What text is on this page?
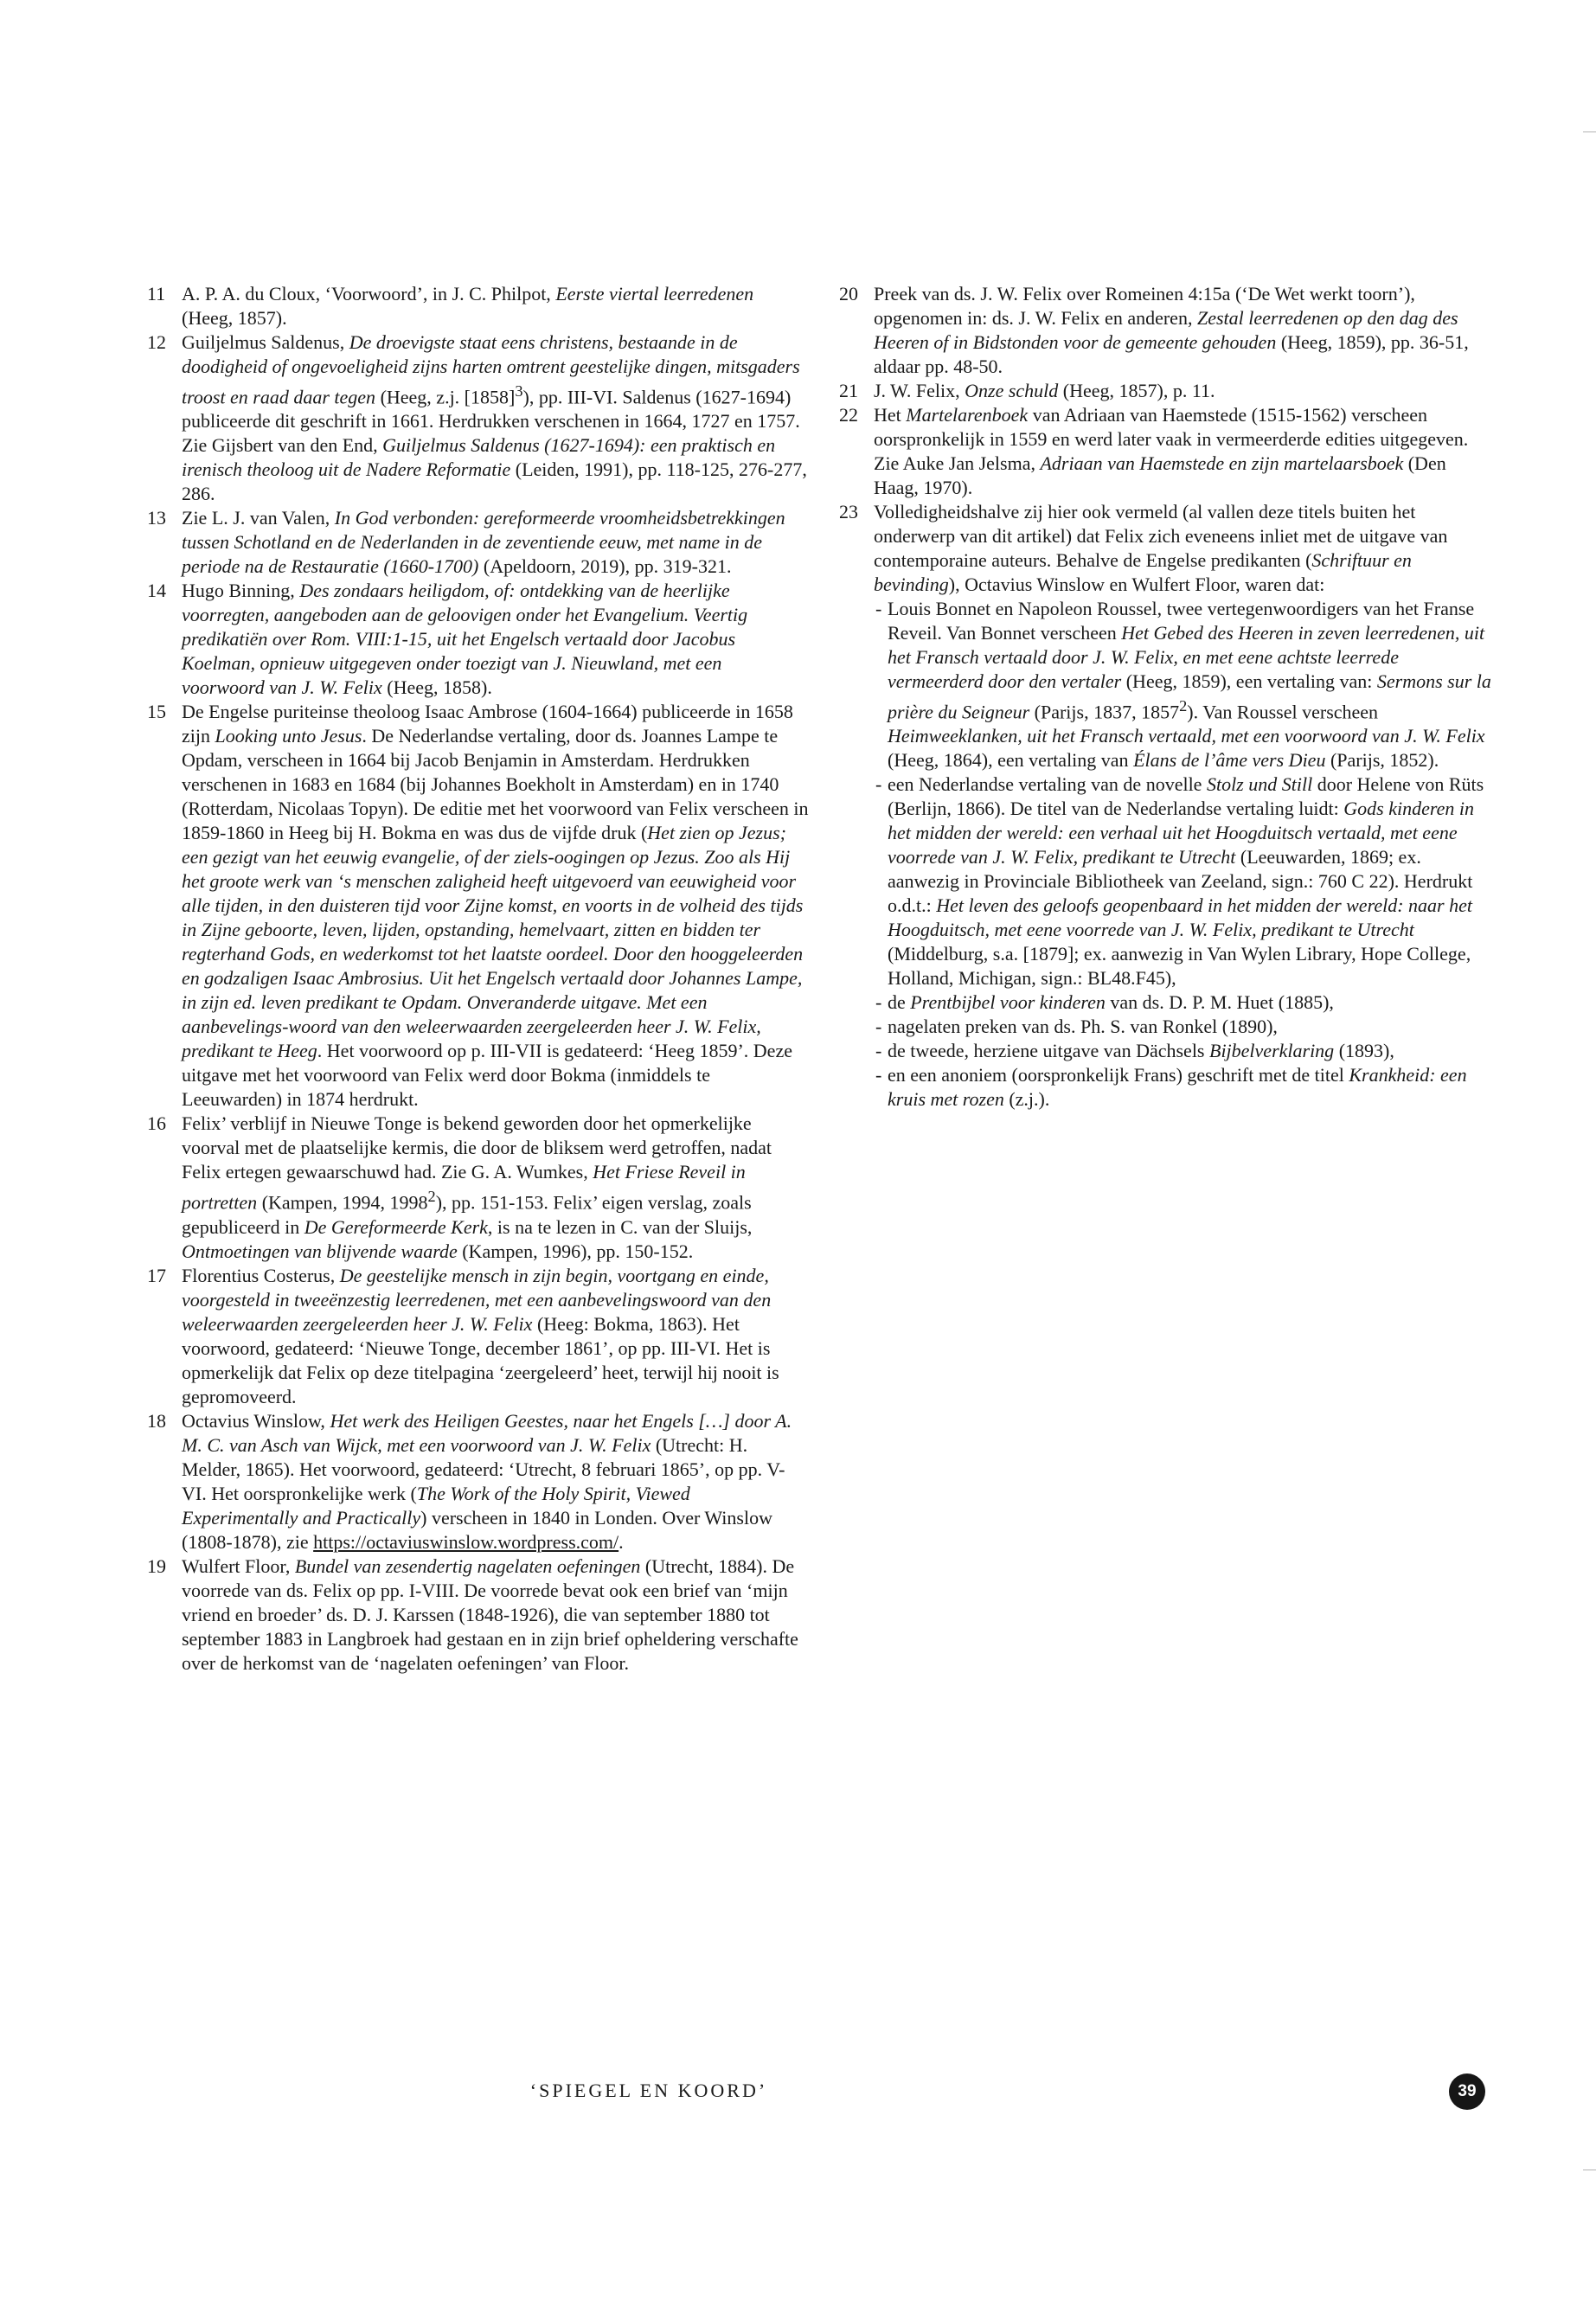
11 A. P. A. du Cloux, ‘Voorwoord’, in J. C. Philpot, Eerste viertal leerredenen (Heeg, 1857).

12 Guiljelmus Saldenus, De droevigste staat eens christens, bestaande in de doodigheid of ongevoeligheid zijns harten omtrent geestelijke dingen, mitsgaders troost en raad daar tegen (Heeg, z.j. $[1858]^3$), pp. III-VI. Saldenus (1627-1694) publiceerde dit geschrift in 1661. Herdrukken verschenen in 1664, 1727 en 1757. Zie Gijsbert van den End, Guiljelmus Saldenus (1627-1694): een praktisch en irenisch theoloog uit de Nadere Reformatie (Leiden, 1991), pp. 118-125, 276-277, 286.

13 Zie L. J. van Valen, In God verbonden: gereformeerde vroomheidsbetrekkingen tussen Schotland en de Nederlanden in de zeventiende eeuw, met name in de periode na de Restauratie (1660-1700) (Apeldoorn, 2019), pp. 319-321.

14 Hugo Binning, Des zondaars heiligdom, of: ontdekking van de heerlijke voorregten, aangeboden aan de geloovigen onder het Evangelium. Veertig predikatiën over Rom. VIII:1-15, uit het Engelsch vertaald door Jacobus Koelman, opnieuw uitgegeven onder toezigt van J. Nieuwland, met een voorwoord van J. W. Felix (Heeg, 1858).

15 De Engelse puriteinse theoloog Isaac Ambrose (1604-1664) publiceerde in 1658 zijn Looking unto Jesus. De Nederlandse vertaling, door ds. Joannes Lampe te Opdam, verscheen in 1664 bij Jacob Benjamin in Amsterdam. Herdrukken verschenen in 1683 en 1684 (bij Johannes Boekholt in Amsterdam) en in 1740 (Rotterdam, Nicolaas Topyn). De editie met het voorwoord van Felix verscheen in 1859-1860 in Heeg bij H. Bokma en was dus de vijfde druk (Het zien op Jezus; een gezigt van het eeuwig evangelie, of der ziels-oogingen op Jezus. Zoo als Hij het groote werk van ‘s menschen zaligheid heeft uitgevoerd van eeuwigheid voor alle tijden, in den duisteren tijd voor Zijne komst, en voorts in de volheid des tijds in Zijne geboorte, leven, lijden, opstanding, hemelvaart, zitten en bidden ter regterhand Gods, en wederkomst tot het laatste oordeel. Door den hooggeleerden en godzaligen Isaac Ambrosius. Uit het Engelsch vertaald door Johannes Lampe, in zijn ed. leven predikant te Opdam. Onveranderde uitgave. Met een aanbevelings-woord van den weleerwaarden zeergeleerden heer J. W. Felix, predikant te Heeg. Het voorwoord op p. III-VII is gedateerd: ‘Heeg 1859’. Deze uitgave met het voorwoord van Felix werd door Bokma (inmiddels te Leeuwarden) in 1874 herdrukt.

16 Felix’ verblijf in Nieuwe Tonge is bekend geworden door het opmerkelijke voorval met de plaatselijke kermis, die door de bliksem werd getroffen, nadat Felix ertegen gewaarschuwd had. Zie G. A. Wumkes, Het Friese Reveil in portretten (Kampen, 1994, 1998$^2$), pp. 151-153. Felix’ eigen verslag, zoals gepubliceerd in De Gereformeerde Kerk, is na te lezen in C. van der Sluijs, Ontmoetingen van blijvende waarde (Kampen, 1996), pp. 150-152.

17 Florentius Costerus, De geestelijke mensch in zijn begin, voortgang en einde, voorgesteld in tweeënzestig leerredenen, met een aanbevelingswoord van den weleerwaarden zeergeleerden heer J. W. Felix (Heeg: Bokma, 1863). Het voorwoord, gedateerd: ‘Nieuwe Tonge, december 1861’, op pp. III-VI. Het is opmerkelijk dat Felix op deze titelpagina ‘zeergeleerd’ heet, terwijl hij nooit is gepromoveerd.

18 Octavius Winslow, Het werk des Heiligen Geestes, naar het Engels […] door A. M. C. van Asch van Wijck, met een voorwoord van J. W. Felix (Utrecht: H. Melder, 1865). Het voorwoord, gedateerd: ‘Utrecht, 8 februari 1865’, op pp. V-VI. Het oorspronkelijke werk (The Work of the Holy Spirit, Viewed Experimentally and Practically) verscheen in 1840 in Londen. Over Winslow (1808-1878), zie https://octaviuswinslow.wordpress.com/.

19 Wulfert Floor, Bundel van zesendertig nagelaten oefeningen (Utrecht, 1884). De voorrede van ds. Felix op pp. I-VIII. De voorrede bevat ook een brief van ‘mijn vriend en broeder’ ds. D. J. Karssen (1848-1926), die van september 1880 tot september 1883 in Langbroek had gestaan en in zijn brief opheldering verschafte over de herkomst van de ‘nagelaten oefeningen’ van Floor.

20 Preek van ds. J. W. Felix over Romeinen 4:15a (‘De Wet werkt toorn’), opgenomen in: ds. J. W. Felix en anderen, Zestal leerredenen op den dag des Heeren of in Bidstonden voor de gemeente gehouden (Heeg, 1859), pp. 36-51, aldaar pp. 48-50.

21 J. W. Felix, Onze schuld (Heeg, 1857), p. 11.

22 Het Martelarenboek van Adriaan van Haemstede (1515-1562) verscheen oorspronkelijk in 1559 en werd later vaak in vermeerderde edities uitgegeven. Zie Auke Jan Jelsma, Adriaan van Haemstede en zijn martelaarsboek (Den Haag, 1970).

23 Volledigheidshalve zij hier ook vermeld (al vallen deze titels buiten het onderwerp van dit artikel) dat Felix zich eveneens inliet met de uitgave van contemporaine auteurs. Behalve de Engelse predikanten (Schriftuur en bevinding), Octavius Winslow en Wulfert Floor, waren dat:

- Louis Bonnet en Napoleon Roussel, twee vertegenwoordigers van het Franse Reveil. Van Bonnet verscheen Het Gebed des Heeren in zeven leerredenen, uit het Fransch vertaald door J. W. Felix, en met eene achtste leerrede vermeerderd door den vertaler (Heeg, 1859), een vertaling van: Sermons sur la prière du Seigneur (Parijs, 1837, 1857$^2$). Van Roussel verscheen Heimweeklanken, uit het Fransch vertaald, met een voorwoord van J. W. Felix (Heeg, 1864), een vertaling van Élans de l’âme vers Dieu (Parijs, 1852).
- een Nederlandse vertaling van de novelle Stolz und Still door Helene von Rüts (Berlijn, 1866). De titel van de Nederlandse vertaling luidt: Gods kinderen in het midden der wereld: een verhaal uit het Hoogduitsch vertaald, met eene voorrede van J. W. Felix, predikant te Utrecht (Leeuwarden, 1869; ex. aanwezig in Provinciale Bibliotheek van Zeeland, sign.: 760 C 22). Herdrukt o.d.t.: Het leven des geloofs geopenbaard in het midden der wereld: naar het Hoogduitsch, met eene voorrede van J. W. Felix, predikant te Utrecht (Middelburg, s.a. [1879]; ex. aanwezig in Van Wylen Library, Hope College, Holland, Michigan, sign.: BL48.F45),
- de Prentbijbel voor kinderen van ds. D. P. M. Huet (1885),
- nagelaten preken van ds. Ph. S. van Ronkel (1890),
- de tweede, herziene uitgave van Dächsels Bijbelverklaring (1893),
- en een anoniem (oorspronkelijk Frans) geschrift met de titel Krankheid: een kruis met rozen (z.j.).
‘SPIEGEL EN KOORD’	39
